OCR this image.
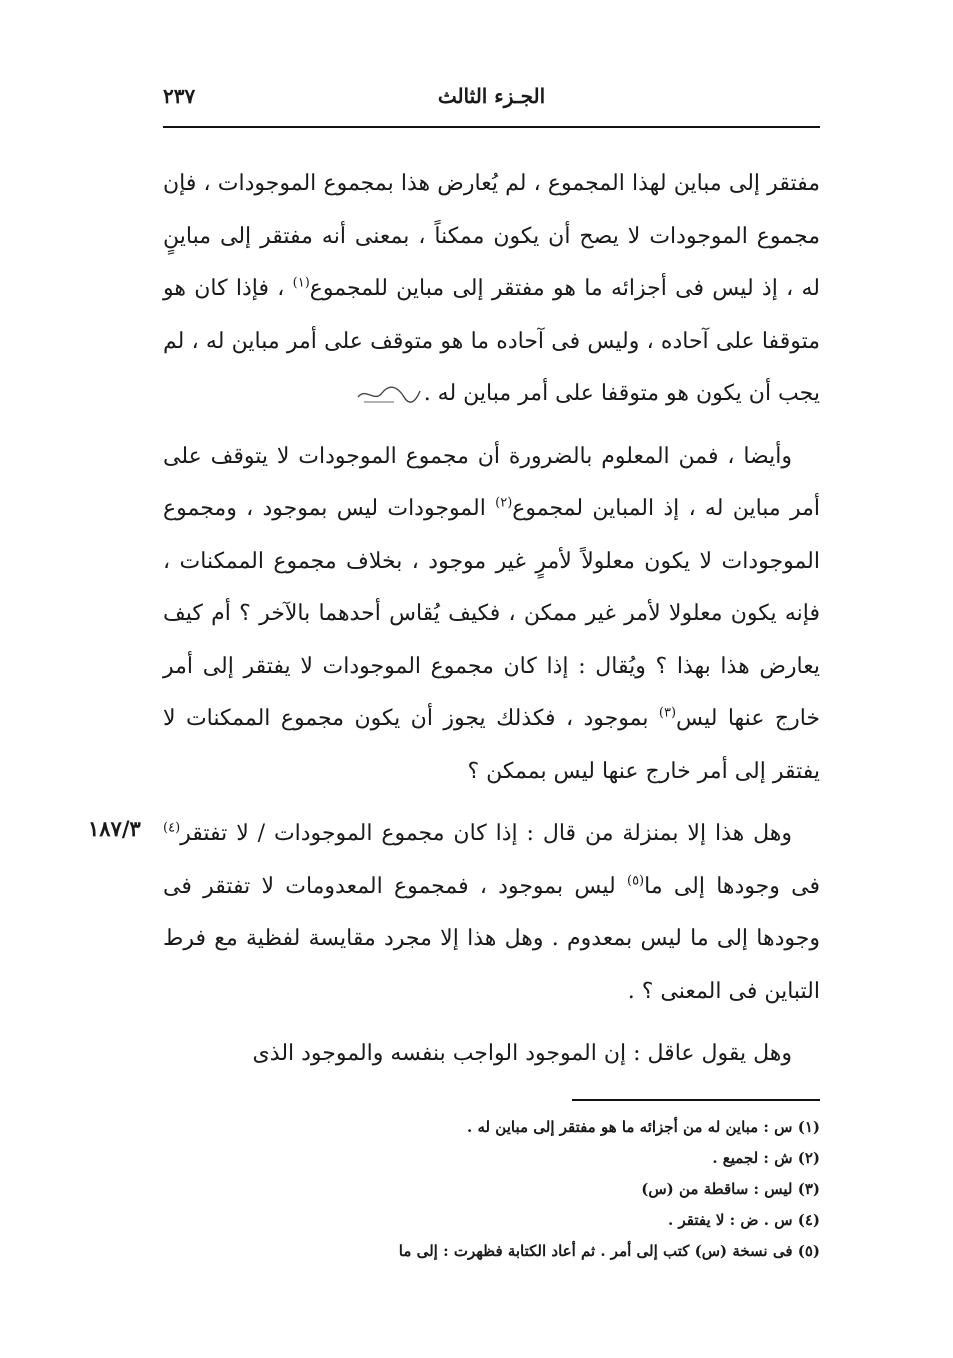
الجـزء الثالث
٢٣٧
١٨٧/٣

مفتقر إلى مباين لهذا المجموع ، لم يُعارض هذا بمجموع الموجودات ، فإن مجموع الموجودات لا يصح أن يكون ممكناً ، بمعنى أنه مفتقر إلى مباينٍ له ، إذ ليس فى أجزائه ما هو مفتقر إلى مباين للمجموع$^{(١)}$ ، فإذا كان هو متوقفا على آحاده ، وليس فى آحاده ما هو متوقف على أمر مباين له ، لم يجب أن يكون هو متوقفا على أمر مباين له .

وأيضا ، فمن المعلوم بالضرورة أن مجموع الموجودات لا يتوقف على أمر مباين له ، إذ المباين لمجموع$^{(٢)}$ الموجودات ليس بموجود ، ومجموع الموجودات لا يكون معلولاً لأمرٍ غير موجود ، بخلاف مجموع الممكنات ، فإنه يكون معلولا لأمر غير ممكن ، فكيف يُقاس أحدهما بالآخر ؟ أم كيف يعارض هذا بهذا ؟ ويُقال : إذا كان مجموع الموجودات لا يفتقر إلى أمر خارج عنها ليس$^{(٣)}$ بموجود ، فكذلك يجوز أن يكون مجموع الممكنات لا يفتقر إلى أمر خارج عنها ليس بممكن ؟

وهل هذا إلا بمنزلة من قال : إذا كان مجموع الموجودات / لا تفتقر$^{(٤)}$ فى وجودها إلى ما$^{(٥)}$ ليس بموجود ، فمجموع المعدومات لا تفتقر فى وجودها إلى ما ليس بمعدوم . وهل هذا إلا مجرد مقايسة لفظية مع فرط التباين فى المعنى ؟ .

وهل يقول عاقل : إن الموجود الواجب بنفسه والموجود الذى

(١) س : مباين له من أجزائه ما هو مفتقر إلى مباين له .

(٢) ش : لجميع .

(٣) ليس : ساقطة من (س)

(٤) س . ض : لا يفتقر .

(٥) فى نسخة (س) كتب إلى أمر . ثم أعاد الكتابة فظهرت : إلى ما
